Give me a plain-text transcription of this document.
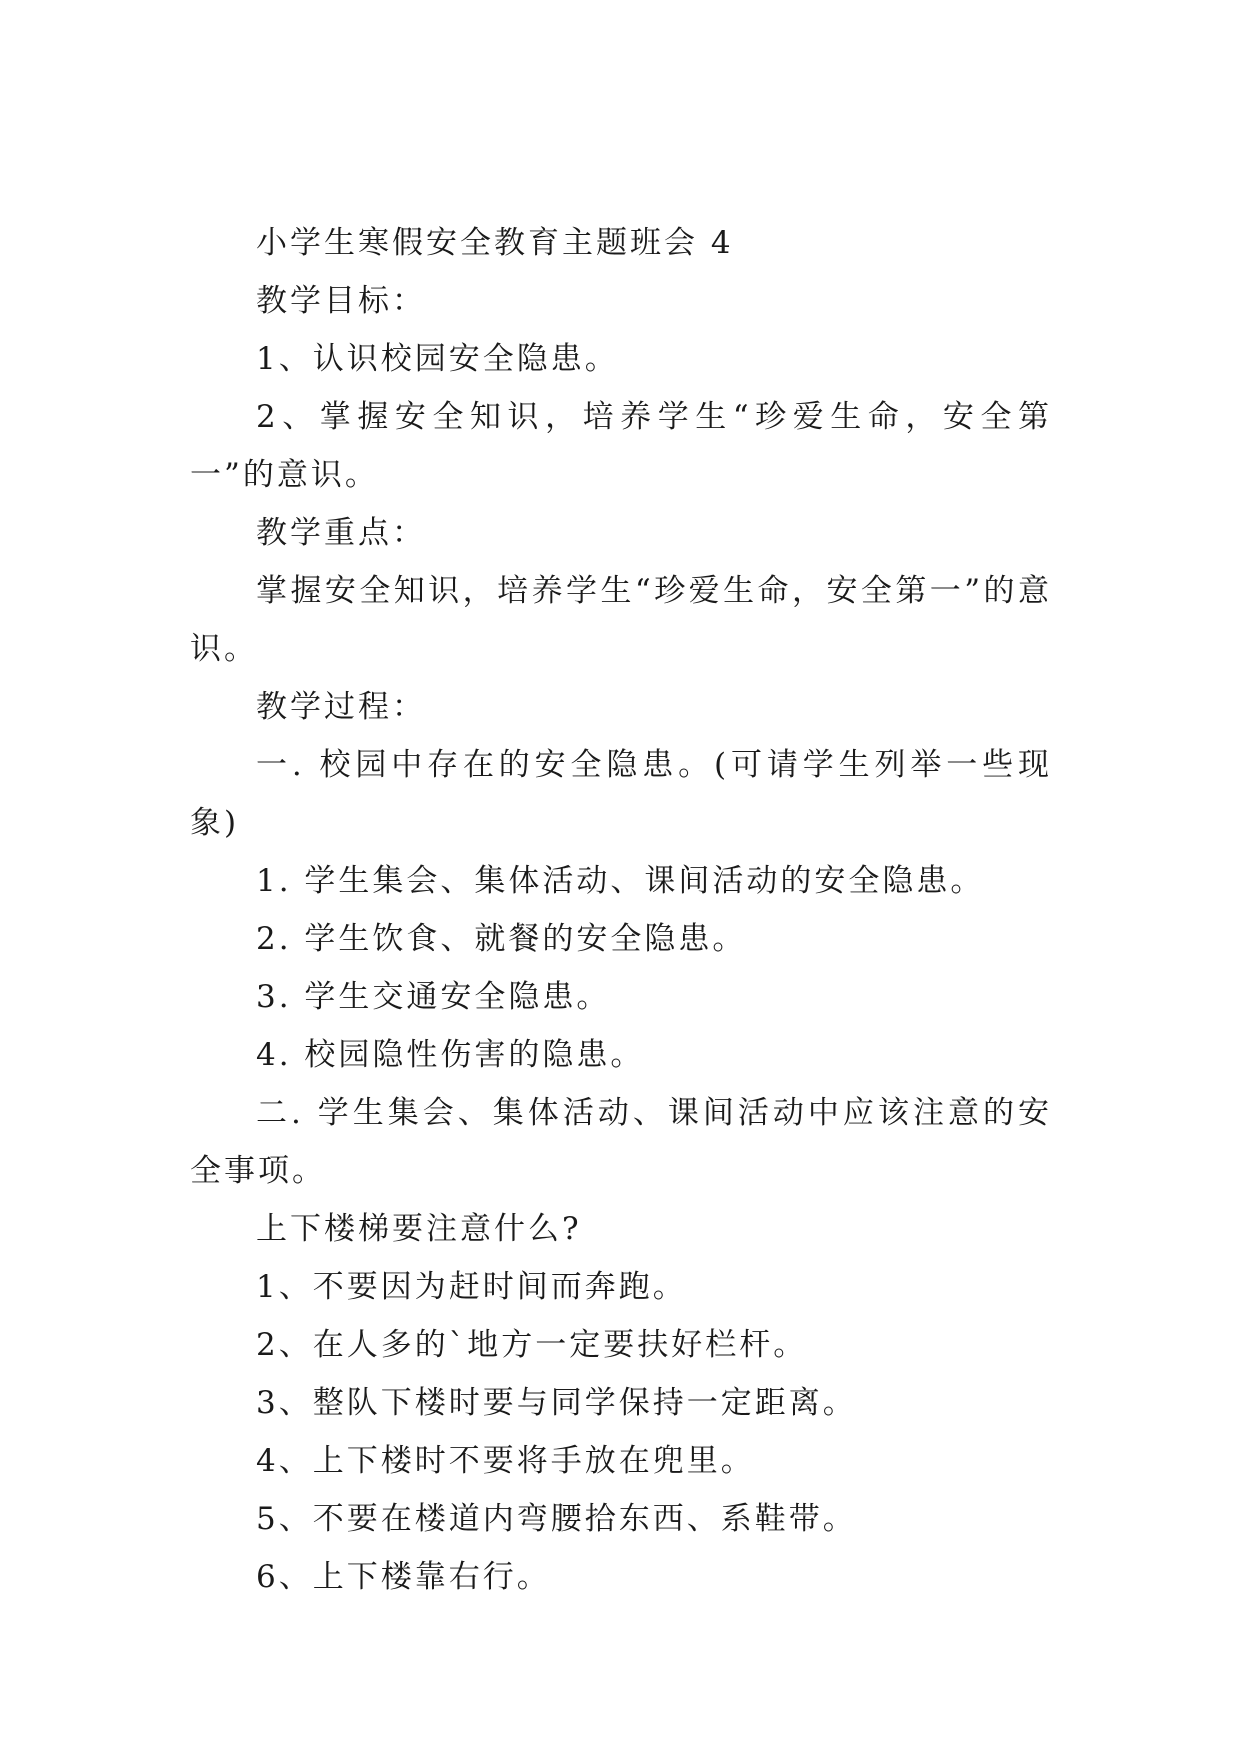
小学生寒假安全教育主题班会 4

教学目标：

1、认识校园安全隐患。

2、掌握安全知识，培养学生“珍爱生命，安全第一”的意识。

教学重点：

掌握安全知识，培养学生“珍爱生命，安全第一”的意识。

教学过程：

一. 校园中存在的安全隐患。(可请学生列举一些现象)

1. 学生集会、集体活动、课间活动的安全隐患。

2. 学生饮食、就餐的安全隐患。

3. 学生交通安全隐患。

4. 校园隐性伤害的隐患。

二. 学生集会、集体活动、课间活动中应该注意的安全事项。

上下楼梯要注意什么?

1、不要因为赶时间而奔跑。

2、在人多的`地方一定要扶好栏杆。

3、整队下楼时要与同学保持一定距离。

4、上下楼时不要将手放在兜里。

5、不要在楼道内弯腰拾东西、系鞋带。

6、上下楼靠右行。
